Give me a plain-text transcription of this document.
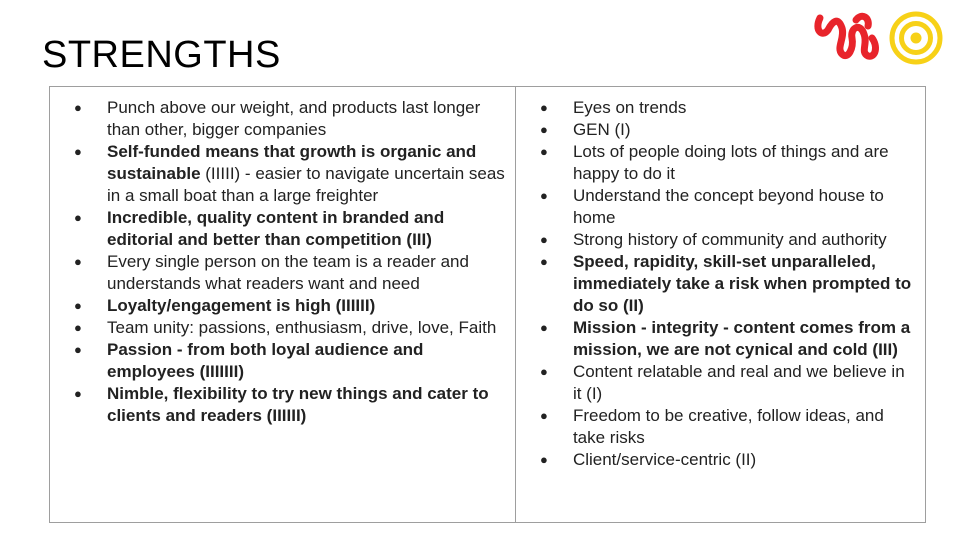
STRENGTHS
● Punch above our weight, and products last longer than other, bigger companies
● Self-funded means that growth is organic and sustainable (IIIII) - easier to navigate uncertain seas in a small boat than a large freighter
● Incredible, quality content in branded and editorial and better than competition (III)
● Every single person on the team is a reader and understands what readers want and need
● Loyalty/engagement is high (IIIIII)
● Team unity: passions, enthusiasm, drive, love, Faith
● Passion - from both loyal audience and employees (IIIIIII)
● Nimble, flexibility to try new things and cater to clients and readers (IIIIII)
● Eyes on trends
● GEN (I)
● Lots of people doing lots of things and are happy to do it
● Understand the concept beyond house to home
● Strong history of community and authority
● Speed, rapidity, skill-set unparalleled, immediately take a risk when prompted to do so (II)
● Mission - integrity - content comes from a mission, we are not cynical and cold (III)
● Content relatable and real and we believe in it (I)
● Freedom to be creative, follow ideas, and take risks
● Client/service-centric (II)
